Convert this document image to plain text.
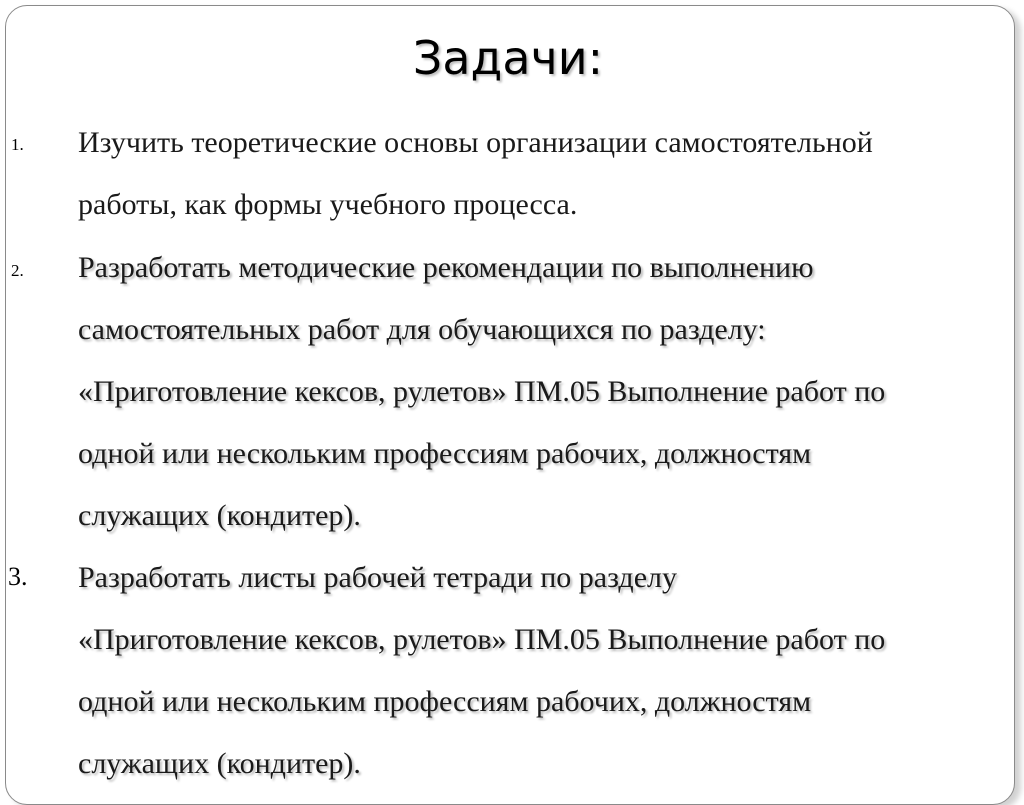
Задачи:
1. Изучить теоретические основы организации самостоятельной
работы, как формы учебного процесса.
2. Разработать методические рекомендации по выполнению
самостоятельных работ для обучающихся по разделу:
«Приготовление кексов, рулетов» ПМ.05 Выполнение работ по
одной или нескольким профессиям рабочих, должностям
служащих (кондитер).
3. Разработать листы рабочей тетради по разделу
«Приготовление кексов, рулетов» ПМ.05 Выполнение работ по
одной или нескольким профессиям рабочих, должностям
служащих (кондитер).
